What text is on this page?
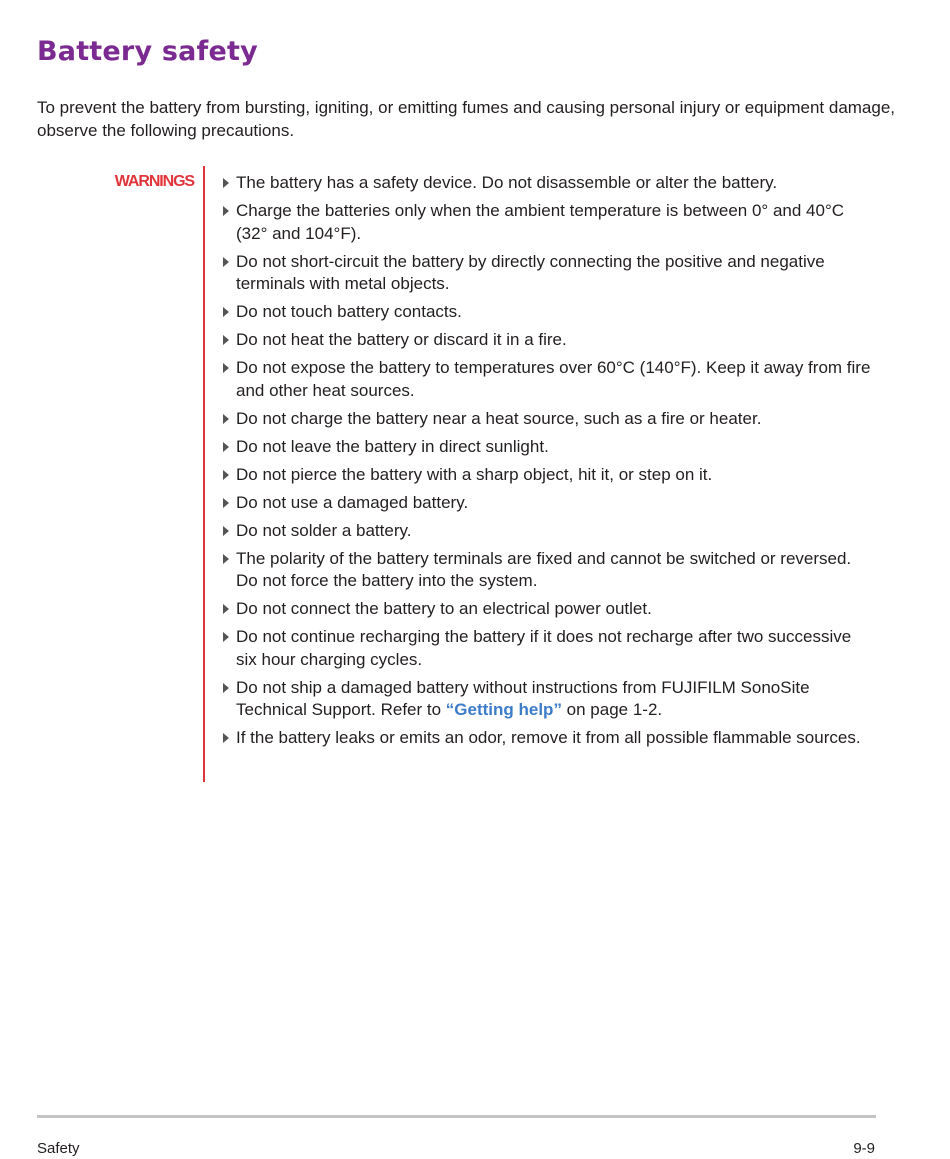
Battery safety

To prevent the battery from bursting, igniting, or emitting fumes and causing personal injury or equipment damage, observe the following precautions.

WARNINGS	The battery has a safety device. Do not disassemble or alter the battery.
Charge the batteries only when the ambient temperature is between 0° and 40°C (32° and 104°F).
Do not short-circuit the battery by directly connecting the positive and negative terminals with metal objects.
Do not touch battery contacts.
Do not heat the battery or discard it in a fire.
Do not expose the battery to temperatures over 60°C (140°F). Keep it away from fire and other heat sources.
Do not charge the battery near a heat source, such as a fire or heater.
Do not leave the battery in direct sunlight.
Do not pierce the battery with a sharp object, hit it, or step on it.
Do not use a damaged battery.
Do not solder a battery.
The polarity of the battery terminals are fixed and cannot be switched or reversed. Do not force the battery into the system.
Do not connect the battery to an electrical power outlet.
Do not continue recharging the battery if it does not recharge after two successive six hour charging cycles.
Do not ship a damaged battery without instructions from FUJIFILM SonoSite Technical Support. Refer to “Getting help” on page 1-2.
If the battery leaks or emits an odor, remove it from all possible flammable sources.
Safety	9-9
